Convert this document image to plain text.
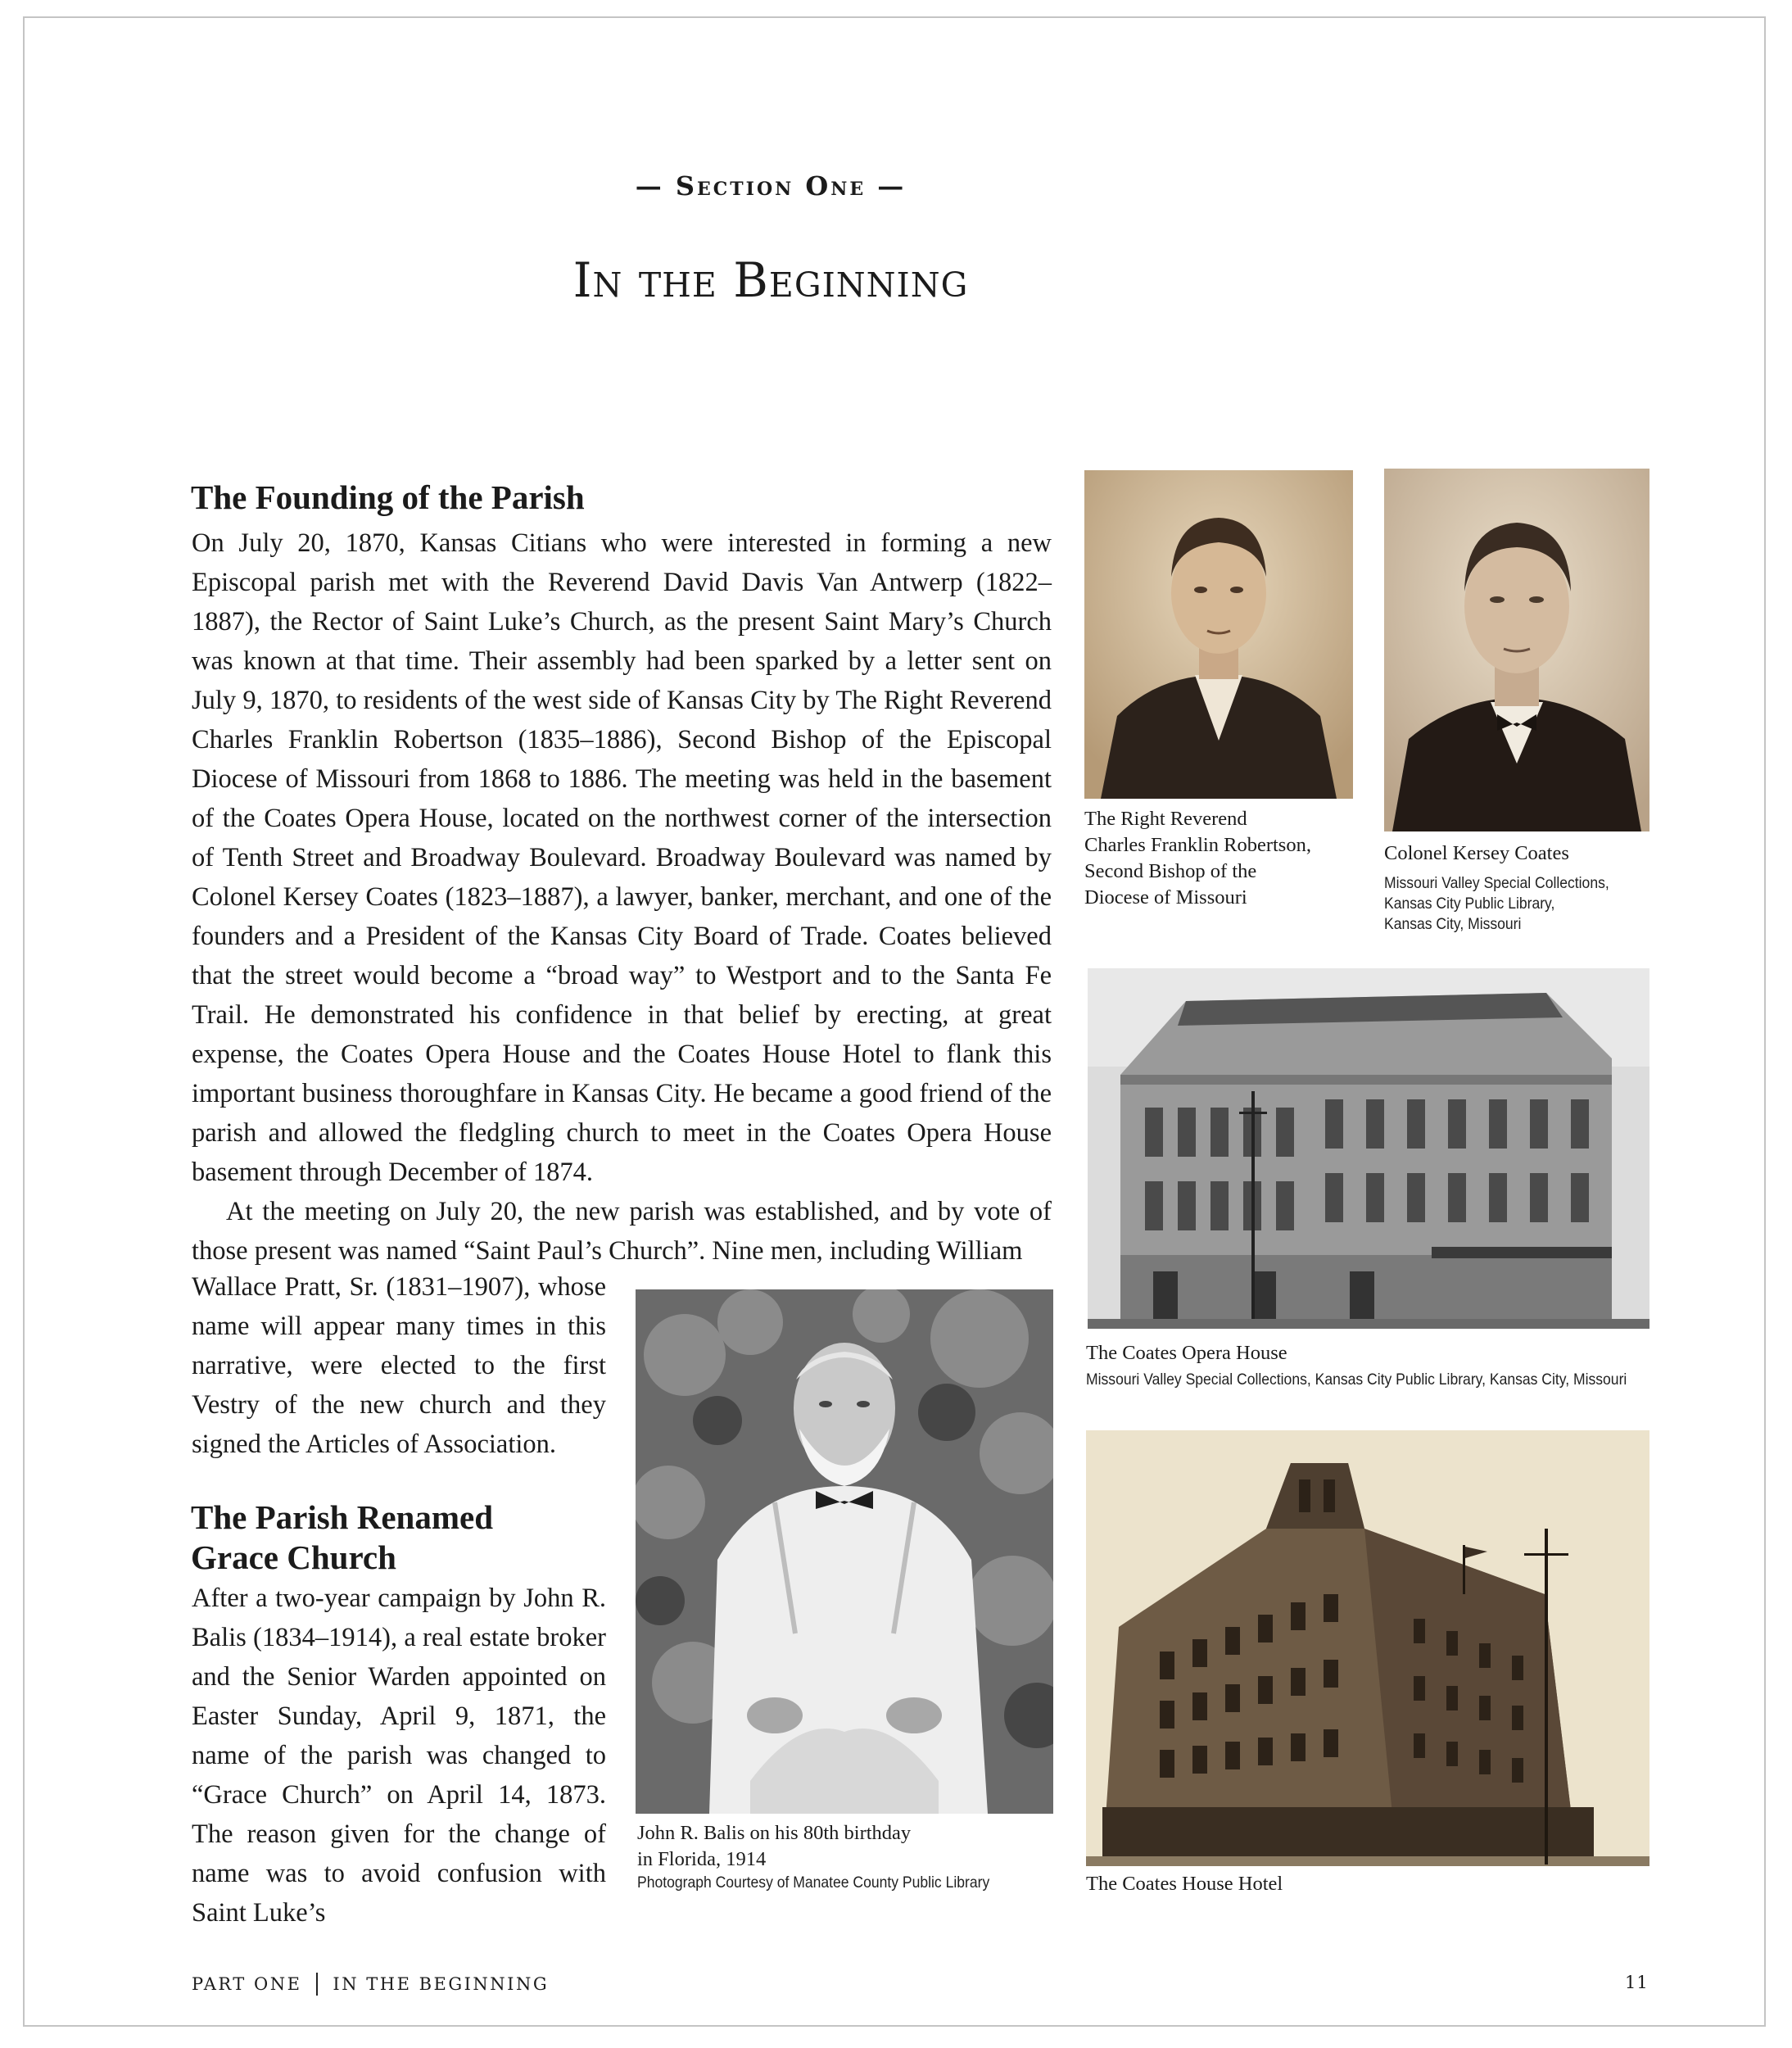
— Section One —
In the Beginning
The Founding of the Parish

On July 20, 1870, Kansas Citians who were interested in forming a new Episcopal parish met with the Reverend David Davis Van Antwerp (1822–1887), the Rector of Saint Luke’s Church, as the present Saint Mary’s Church was known at that time. Their assembly had been sparked by a letter sent on July 9, 1870, to residents of the west side of Kansas City by The Right Reverend Charles Franklin Robertson (1835–1886), Second Bishop of the Episcopal Diocese of Missouri from 1868 to 1886. The meeting was held in the basement of the Coates Opera House, located on the northwest corner of the intersection of Tenth Street and Broadway Boulevard. Broadway Boulevard was named by Colonel Kersey Coates (1823–1887), a lawyer, banker, merchant, and one of the founders and a President of the Kansas City Board of Trade. Coates believed that the street would become a “broad way” to Westport and to the Santa Fe Trail. He demonstrated his confidence in that belief by erecting, at great expense, the Coates Opera House and the Coates House Hotel to flank this important business thoroughfare in Kansas City. He became a good friend of the parish and allowed the fledgling church to meet in the Coates Opera House basement through December of 1874.

At the meeting on July 20, the new parish was established, and by vote of those present was named “Saint Paul’s Church”. Nine men, including William

Wallace Pratt, Sr. (1831–1907), whose name will appear many times in this narrative, were elected to the first Vestry of the new church and they signed the Articles of Association.

The Parish Renamed
Grace Church

After a two-year campaign by John R. Balis (1834–1914), a real estate broker and the Senior Warden appointed on Easter Sunday, April 9, 1871, the name of the parish was changed to “Grace Church” on April 14, 1873. The reason given for the change of name was to avoid confusion with Saint Luke’s

The Right Reverend
Charles Franklin Robertson,
Second Bishop of the
Diocese of Missouri
Colonel Kersey Coates
Missouri Valley Special Collections,
Kansas City Public Library,
Kansas City, Missouri
The Coates Opera House
Missouri Valley Special Collections, Kansas City Public Library, Kansas City, Missouri
John R. Balis on his 80th birthday
in Florida, 1914
Photograph Courtesy of Manatee County Public Library	The Coates House Hotel
PART ONE IN THE BEGINNING	11
